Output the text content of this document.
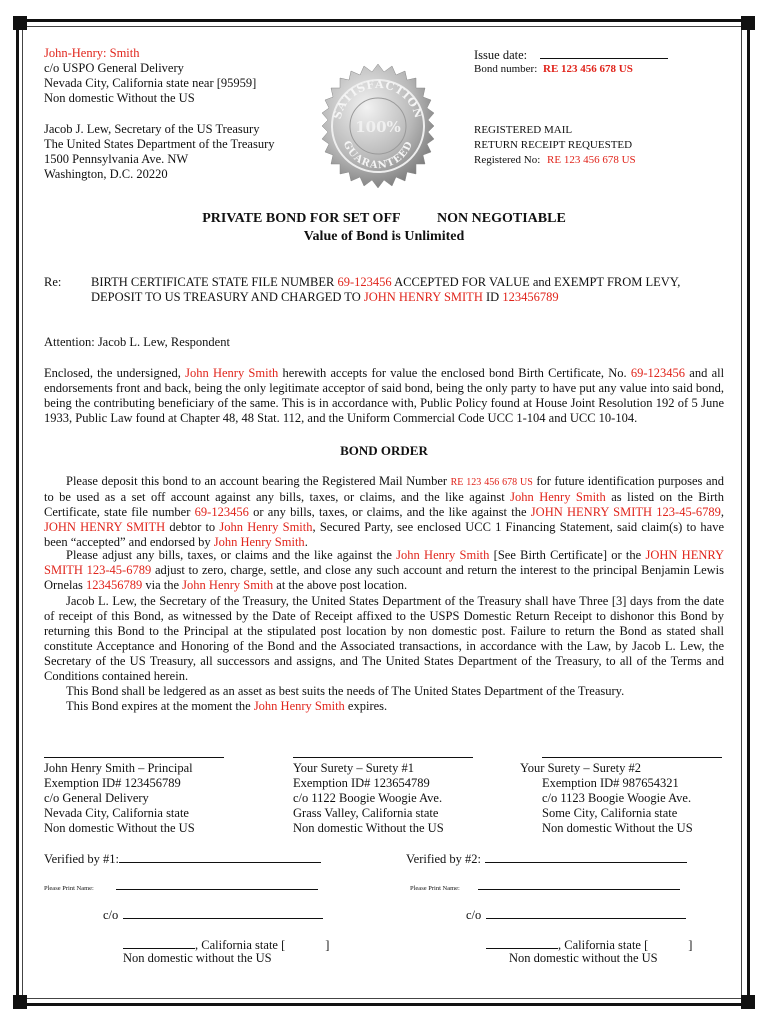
John-Henry: Smith
c/o USPO General Delivery
Nevada City, California state near [95959]
Non domestic Without the US
Jacob J. Lew, Secretary of the US Treasury
The United States Department of the Treasury
1500 Pennsylvania Ave. NW
Washington, D.C. 20220
SATISFACTION
GUARANTEED
100%
Issue date:
Bond number: RE 123 456 678 US
REGISTERED MAIL
RETURN RECEIPT REQUESTED
Registered No: RE 123 456 678 US
PRIVATE BOND FOR SET OFF	NON NEGOTIABLE
Value of Bond is Unlimited
Re: BIRTH CERTIFICATE STATE FILE NUMBER 69-123456 ACCEPTED FOR VALUE and EXEMPT FROM LEVY,
DEPOSIT TO US TREASURY AND CHARGED TO JOHN HENRY SMITH ID 123456789
Attention: Jacob L. Lew, Respondent
Enclosed, the undersigned, John Henry Smith herewith accepts for value the enclosed bond Birth Certificate, No. 69-123456 and all endorsements front and back, being the only legitimate acceptor of said bond, being the only party to have put any value into said bond, being the contributing beneficiary of the same. This is in accordance with, Public Policy found at House Joint Resolution 192 of 5 June 1933, Public Law found at Chapter 48, 48 Stat. 112, and the Uniform Commercial Code UCC 1-104 and UCC 10-104.
BOND ORDER
Please deposit this bond to an account bearing the Registered Mail Number RE 123 456 678 US for future identification purposes and to be used as a set off account against any bills, taxes, or claims, and the like against John Henry Smith as listed on the Birth Certificate, state file number 69-123456 or any bills, taxes, or claims, and the like against the JOHN HENRY SMITH 123-45-6789, JOHN HENRY SMITH debtor to John Henry Smith, Secured Party, see enclosed UCC 1 Financing Statement, said claim(s) to have been “accepted” and endorsed by John Henry Smith.
Please adjust any bills, taxes, or claims and the like against the John Henry Smith [See Birth Certificate] or the JOHN HENRY SMITH 123-45-6789 adjust to zero, charge, settle, and close any such account and return the interest to the principal Benjamin Lewis Ornelas 123456789 via the John Henry Smith at the above post location.
Jacob L. Lew, the Secretary of the Treasury, the United States Department of the Treasury shall have Three [3] days from the date of receipt of this Bond, as witnessed by the Date of Receipt affixed to the USPS Domestic Return Receipt to dishonor this Bond by returning this Bond to the Principal at the stipulated post location by non domestic post. Failure to return the Bond as stated shall constitute Acceptance and Honoring of the Bond and the Associated transactions, in accordance with the Law, by Jacob L. Lew, the Secretary of the US Treasury, all successors and assigns, and The United States Department of the Treasury, to all of the Terms and Conditions contained herein.
This Bond shall be ledgered as an asset as best suits the needs of The United States Department of the Treasury.
This Bond expires at the moment the John Henry Smith expires.
John Henry Smith – Principal
Exemption ID# 123456789
c/o General Delivery
Nevada City, California state
Non domestic Without the US
Your Surety – Surety #1
Exemption ID# 123654789
c/o 1122 Boogie Woogie Ave.
Grass Valley, California state
Non domestic Without the US
Your Surety – Surety #2
Exemption ID# 987654321
c/o 1123 Boogie Woogie Ave.
Some City, California state
Non domestic Without the US
Verified by #1:
Please Print Name:
c/o
, California state [	]
Non domestic without the US
Verified by #2:
Please Print Name:
c/o
, California state [	]
Non domestic without the US
